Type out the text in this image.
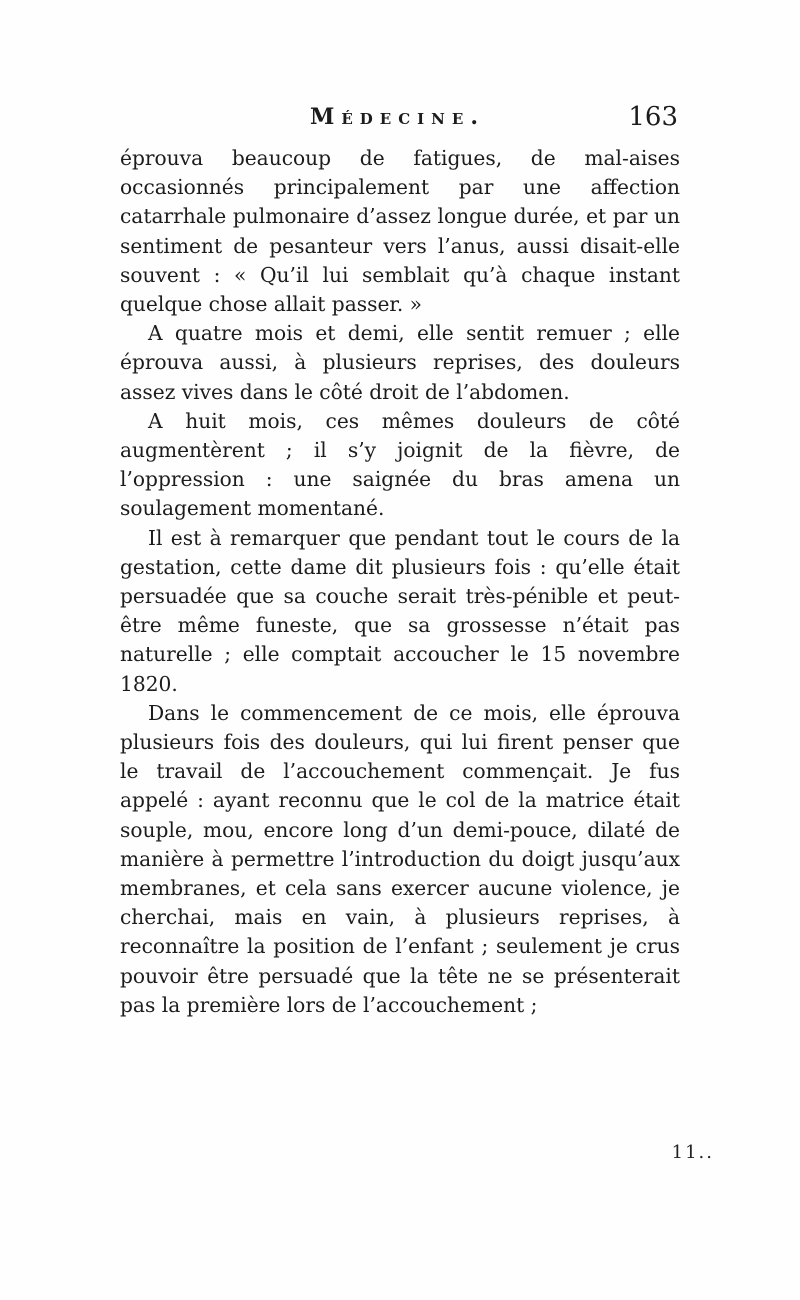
Médecine.	163

éprouva beaucoup de fatigues, de mal-aises occasionnés principalement par une affection catarrhale pulmonaire d’assez longue durée, et par un sentiment de pesanteur vers l’anus, aussi disait-elle souvent : « Qu’il lui semblait qu’à chaque instant quelque chose allait passer. »

A quatre mois et demi, elle sentit remuer ; elle éprouva aussi, à plusieurs reprises, des douleurs assez vives dans le côté droit de l’abdomen.

A huit mois, ces mêmes douleurs de côté augmentèrent ; il s’y joignit de la fièvre, de l’oppression : une saignée du bras amena un soulagement momentané.

Il est à remarquer que pendant tout le cours de la gestation, cette dame dit plusieurs fois : qu’elle était persuadée que sa couche serait très-pénible et peut-être même funeste, que sa grossesse n’était pas naturelle ; elle comptait accoucher le 15 novembre 1820.

Dans le commencement de ce mois, elle éprouva plusieurs fois des douleurs, qui lui firent penser que le travail de l’accouchement commençait. Je fus appelé : ayant reconnu que le col de la matrice était souple, mou, encore long d’un demi-pouce, dilaté de manière à permettre l’introduction du doigt jusqu’aux membranes, et cela sans exercer aucune violence, je cherchai, mais en vain, à plusieurs reprises, à reconnaître la position de l’enfant ; seulement je crus pouvoir être persuadé que la tête ne se présenterait pas la première lors de l’accouchement ;

11..
